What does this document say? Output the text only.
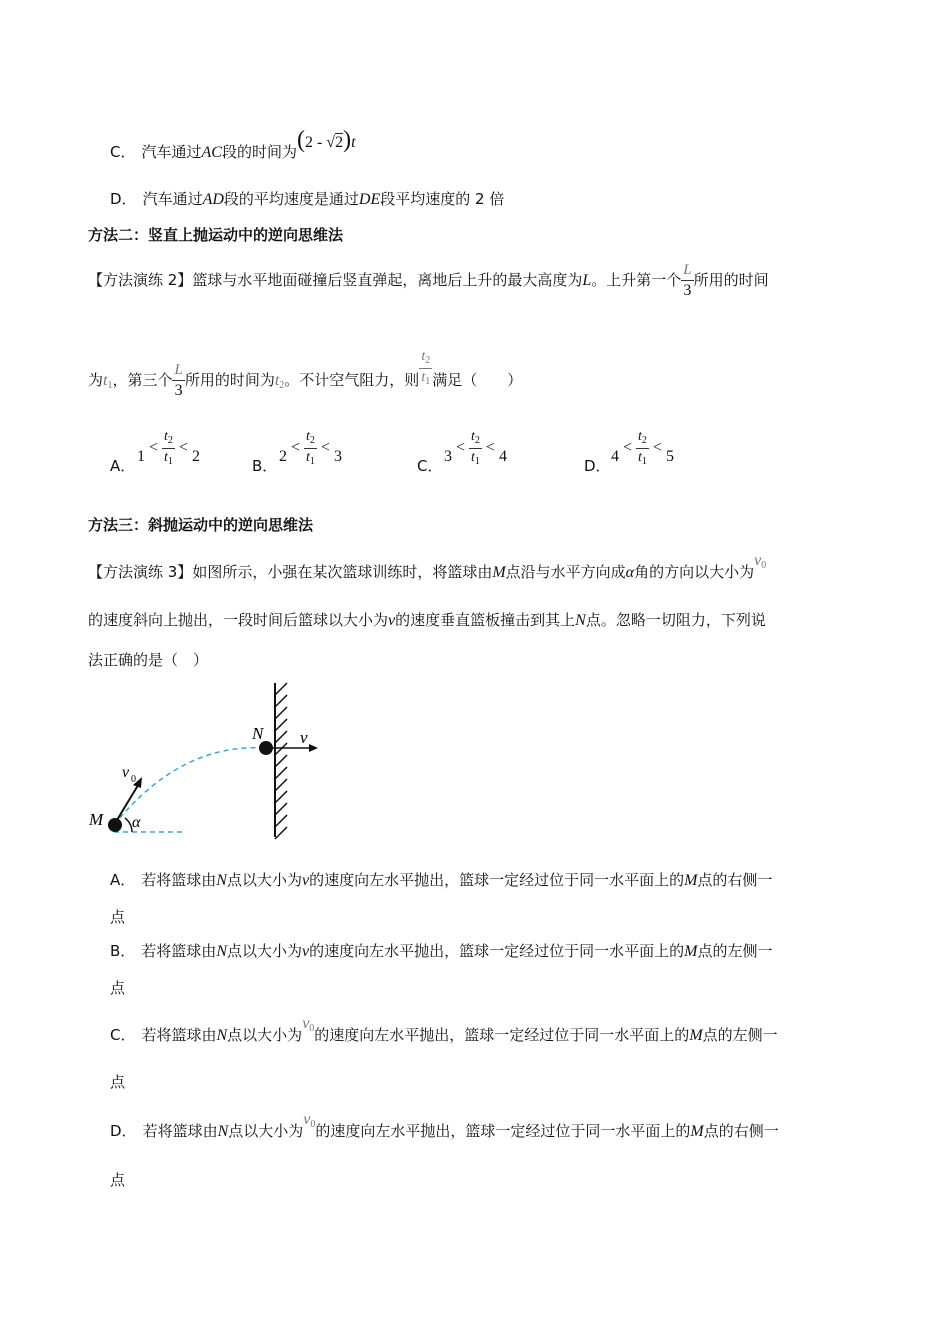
C． 汽车通过AC段的时间为(2 - √2)t
D． 汽车通过AD段的平均速度是通过DE段平均速度的 2 倍
方法二：竖直上抛运动中的逆向思维法
【方法演练 2】篮球与水平地面碰撞后竖直弹起，离地后上升的最大高度为L。上升第一个 $\frac{L}{3}$ 所用的时间
为$t_1$，第三个 $\frac{L}{3}$ 所用的时间为$t_2$。不计空气阻力，则 $\frac{t_2}{t_1}$ 满足（　　）
A．
$1 < \frac{t_2}{t_1} < 2$
B．
$2 < \frac{t_2}{t_1} < 3$
C．
$3 < \frac{t_2}{t_1} < 4$
D．
$4 < \frac{t_2}{t_1} < 5$
方法三：斜抛运动中的逆向思维法
【方法演练 3】如图所示，小强在某次篮球训练时，将篮球由M点沿与水平方向成α角的方向以大小为$v_0$
的速度斜向上抛出，一段时间后篮球以大小为v的速度垂直篮板撞击到其上N点。忽略一切阻力，下列说
法正确的是（　）
N v
v 0
M α
A． 若将篮球由N点以大小为v的速度向左水平抛出，篮球一定经过位于同一水平面上的M点的右侧一
点
B． 若将篮球由N点以大小为v的速度向左水平抛出，篮球一定经过位于同一水平面上的M点的左侧一
点
C． 若将篮球由N点以大小为$v_0$的速度向左水平抛出，篮球一定经过位于同一水平面上的M点的左侧一
点
D． 若将篮球由N点以大小为$v_0$的速度向左水平抛出，篮球一定经过位于同一水平面上的M点的右侧一
点
